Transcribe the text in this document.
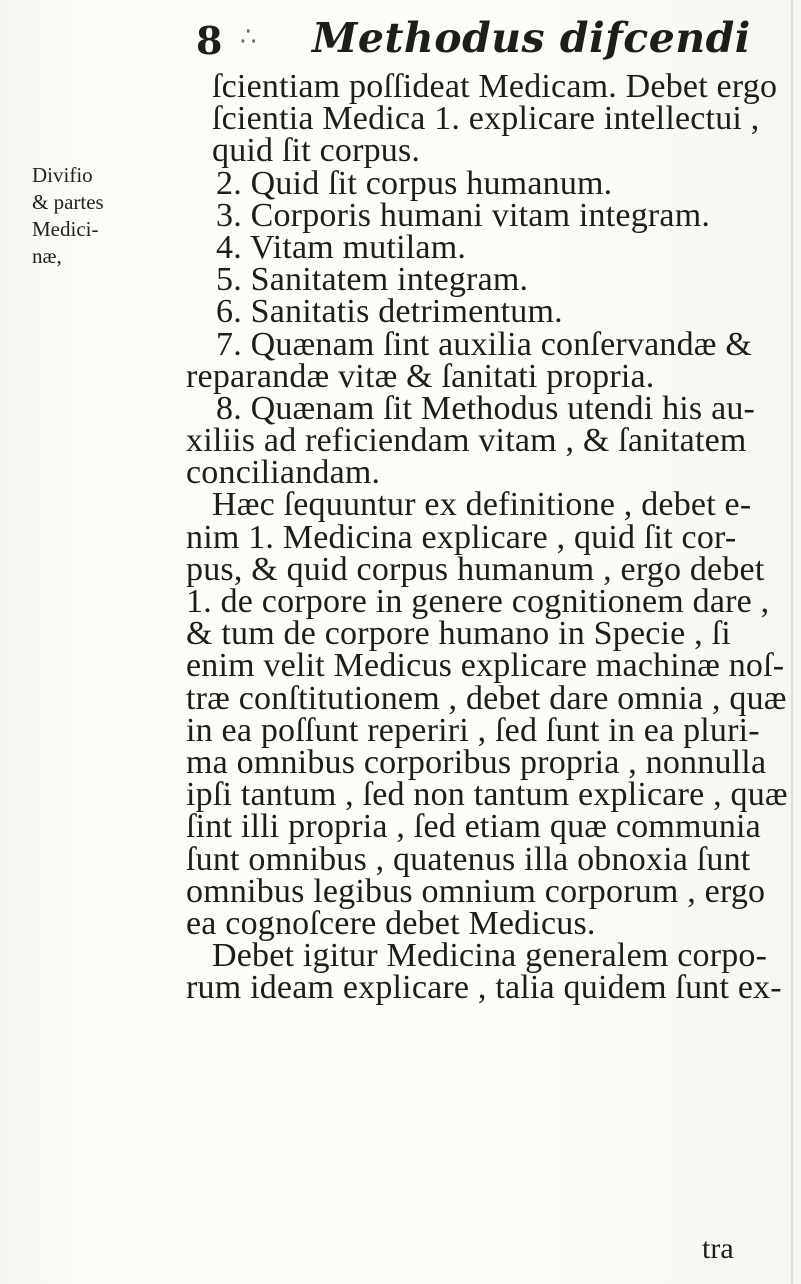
8 ∴ Methodus difcendi
Divifio
& partes
Medici-
næ,
ſcientiam poſſideat Medicam. Debet ergo
ſcientia Medica 1. explicare intellectui ,
quid ſit corpus.
2. Quid ſit corpus humanum.
3. Corporis humani vitam integram.
4. Vitam mutilam.
5. Sanitatem integram.
6. Sanitatis detrimentum.
7. Quænam ſint auxilia conſervandæ &
reparandæ vitæ & ſanitati propria.
8. Quænam ſit Methodus utendi his au-
xiliis ad reficiendam vitam , & ſanitatem
conciliandam.
Hæc ſequuntur ex definitione , debet e-
nim 1. Medicina explicare , quid ſit cor-
pus, & quid corpus humanum , ergo debet
1. de corpore in genere cognitionem dare ,
& tum de corpore humano in Specie , ſi
enim velit Medicus explicare machinæ noſ-
træ conſtitutionem , debet dare omnia , quæ
in ea poſſunt reperiri , ſed ſunt in ea pluri-
ma omnibus corporibus propria , nonnulla
ipſi tantum , ſed non tantum explicare , quæ
ſint illi propria , ſed etiam quæ communia
ſunt omnibus , quatenus illa obnoxia ſunt
omnibus legibus omnium corporum , ergo
ea cognoſcere debet Medicus.
Debet igitur Medicina generalem corpo-
rum ideam explicare , talia quidem ſunt ex-
tra
